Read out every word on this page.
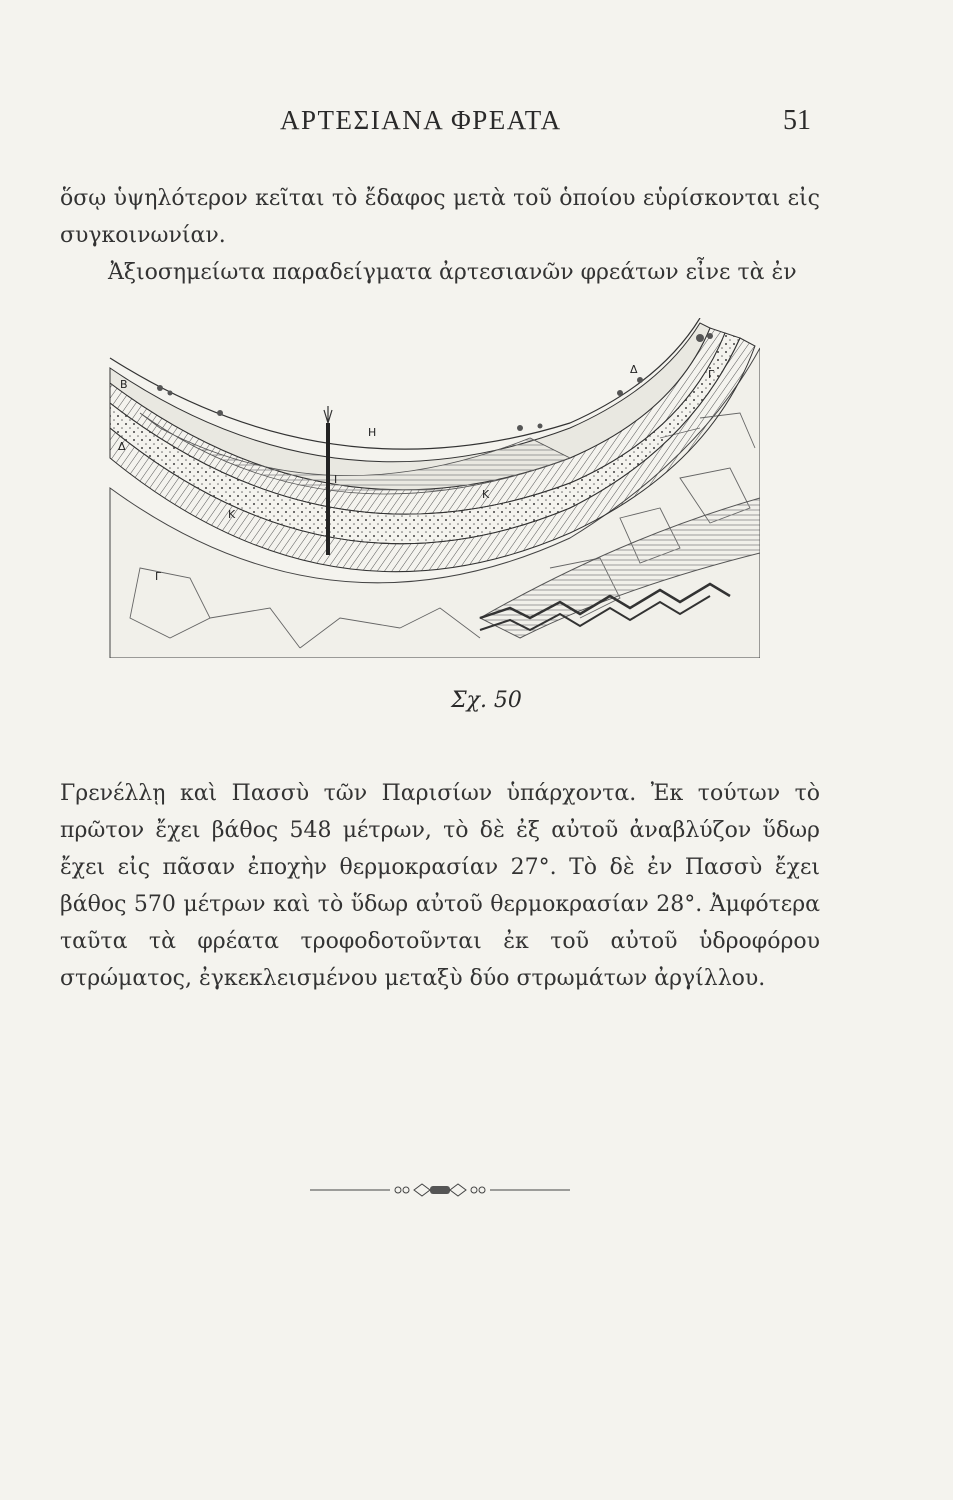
ΑΡΤΕΣΙΑΝΑ ΦΡΕΑΤΑ	51

ὅσῳ ὑψηλότερον κεῖται τὸ ἔδαφος μετὰ τοῦ ὁποίου εὑρίσκονται εἰς συγκοινωνίαν.

Ἀξιοσημείωτα παραδείγματα ἀρτεσιανῶν φρεάτων εἶνε τὰ ἐν

Β
Δ
Η
Ι
Κ
Κ
Δ	Γ
Γ
Σχ. 50

Γρενέλλῃ καὶ Πασσὺ τῶν Παρισίων ὑπάρχοντα. Ἐκ τούτων τὸ πρῶτον ἔχει βάθος 548 μέτρων, τὸ δὲ ἐξ αὐτοῦ ἀναβλύζον ὕδωρ ἔχει εἰς πᾶσαν ἐποχὴν θερμοκρασίαν 27°. Τὸ δὲ ἐν Πασσὺ ἔχει βάθος 570 μέτρων καὶ τὸ ὕδωρ αὐτοῦ θερμοκρασίαν 28°. Ἀμφότερα ταῦτα τὰ φρέατα τροφοδοτοῦνται ἐκ τοῦ αὐτοῦ ὑδροφόρου στρώματος, ἐγκεκλεισμένου μεταξὺ δύο στρωμάτων ἀργίλλου.
